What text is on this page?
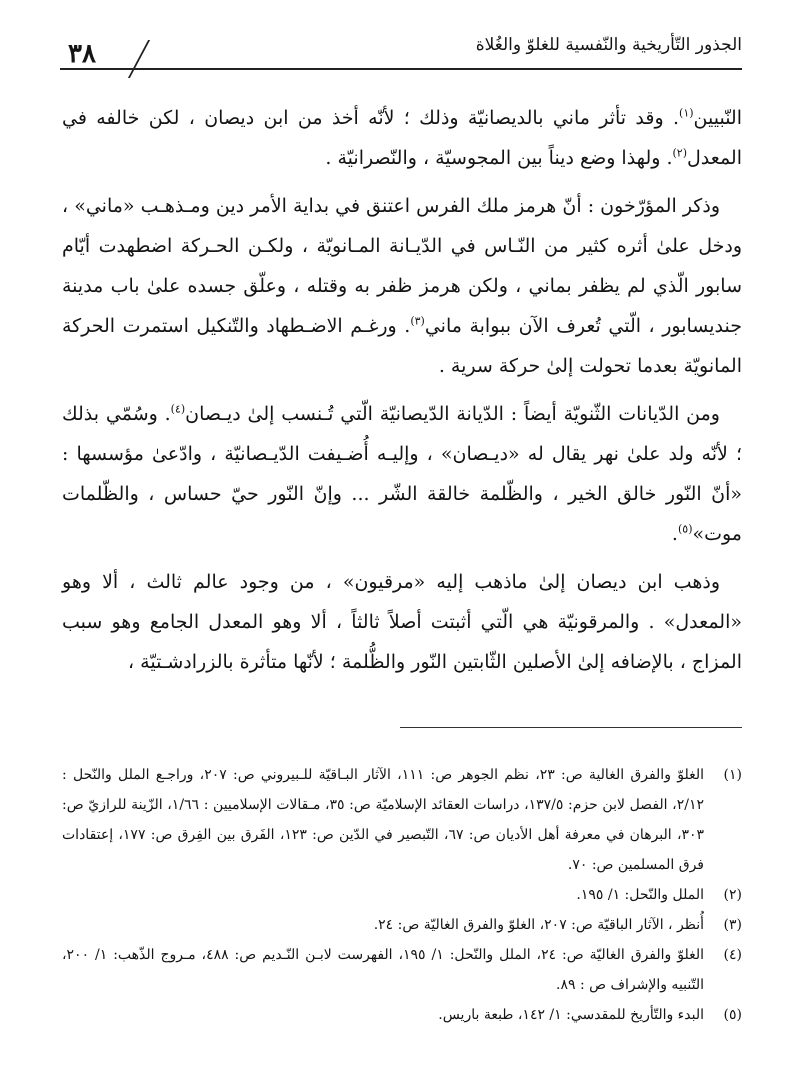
الجذور التّأريخية والنّفسية للغلوّ والغُلاة
٣٨

النّبيين$^{(١)}$. وقد تأثر ماني بالديصانيّة وذلك ؛ لأنّه أخذ من ابن ديصان ، لكن خالفه في المعدل$^{(٢)}$. ولهذا وضع ديناً بين المجوسيّة ، والنّصرانيّة .

وذكر المؤرّخون : أنّ هرمز ملك الفرس اعتنق في بداية الأمر دين ومـذهـب «ماني» ، ودخل علىٰ أثره كثير من النّـاس في الدّيـانة المـانويّة ، ولكـن الحـركة اضطهدت أيّام سابور الّذي لم يظفر بماني ، ولكن هرمز ظفر به وقتله ، وعلّق جسده علىٰ باب مدينة جنديسابور ، الّتي تُعرف الآن ببوابة ماني$^{(٣)}$. ورغـم الاضـطهاد والتّنكيل استمرت الحركة المانويّة بعدما تحولت إلىٰ حركة سرية .

ومن الدّيانات الثّنويّة أيضاً : الدّيانة الدّيصانيّة الّتي تُـنسب إلىٰ ديـصان$^{(٤)}$. وسُمّي بذلك ؛ لأنّه ولد علىٰ نهر يقال له «ديـصان» ، وإليـه أُضـيفت الدّيـصانيّة ، وادّعىٰ مؤسسها : «أنّ النّور خالق الخير ، والظّلمة خالقة الشّر ... وإنّ النّور حيّ حساس ، والظّلمات موت»$^{(٥)}$.

وذهب ابن ديصان إلىٰ ماذهب إليه «مرقيون» ، من وجود عالم ثالث ، ألا وهو «المعدل» . والمرقونيّة هي الّتي أثبتت أصلاً ثالثاً ، ألا وهو المعدل الجامع وهو سبب المزاج ، بالإضافه إلىٰ الأصلين الثّابتين النّور والظُّلمة ؛ لأنّها متأثرة بالزرادشـتيّة ،

(١)
الغلوّ والفرق الغالية ص: ٢٣، نظم الجوهر ص: ١١١، الآثار البـاقيّة للـبيروني ص: ٢٠٧، وراجـع الملل والنّحل : ٢/١٢، الفصل لابن حزم: ١٣٧/٥، دراسات العقائد الإسلاميّة ص: ٣٥، مـقالات الإسلاميين : ١/٦٦، الزّينة للرازيّ ص: ٣٠٣، البرهان في معرفة أهل الأديان ص: ٦٧، التّبصير في الدّين ص: ١٢٣، الفَرق بين الفِرق ص: ١٧٧، إعتقادات فرق المسلمين ص: ٧٠.
(٢)
الملل والنّحل: ١/ ١٩٥.
(٣)
أُنظر ، الآثار الباقيّة ص: ٢٠٧، الغلوّ والفرق الغاليّة ص: ٢٤.
(٤)
الغلوّ والفرق الغاليّة ص: ٢٤، الملل والنّحل: ١/ ١٩٥، الفهرست لابـن النّـديم ص: ٤٨٨، مـروج الذّهب: ١/ ٢٠٠، التّنبيه والإشراف ص : ٨٩.
(٥)
البدء والتّأريخ للمقدسي: ١/ ١٤٢، طبعة باريس.
